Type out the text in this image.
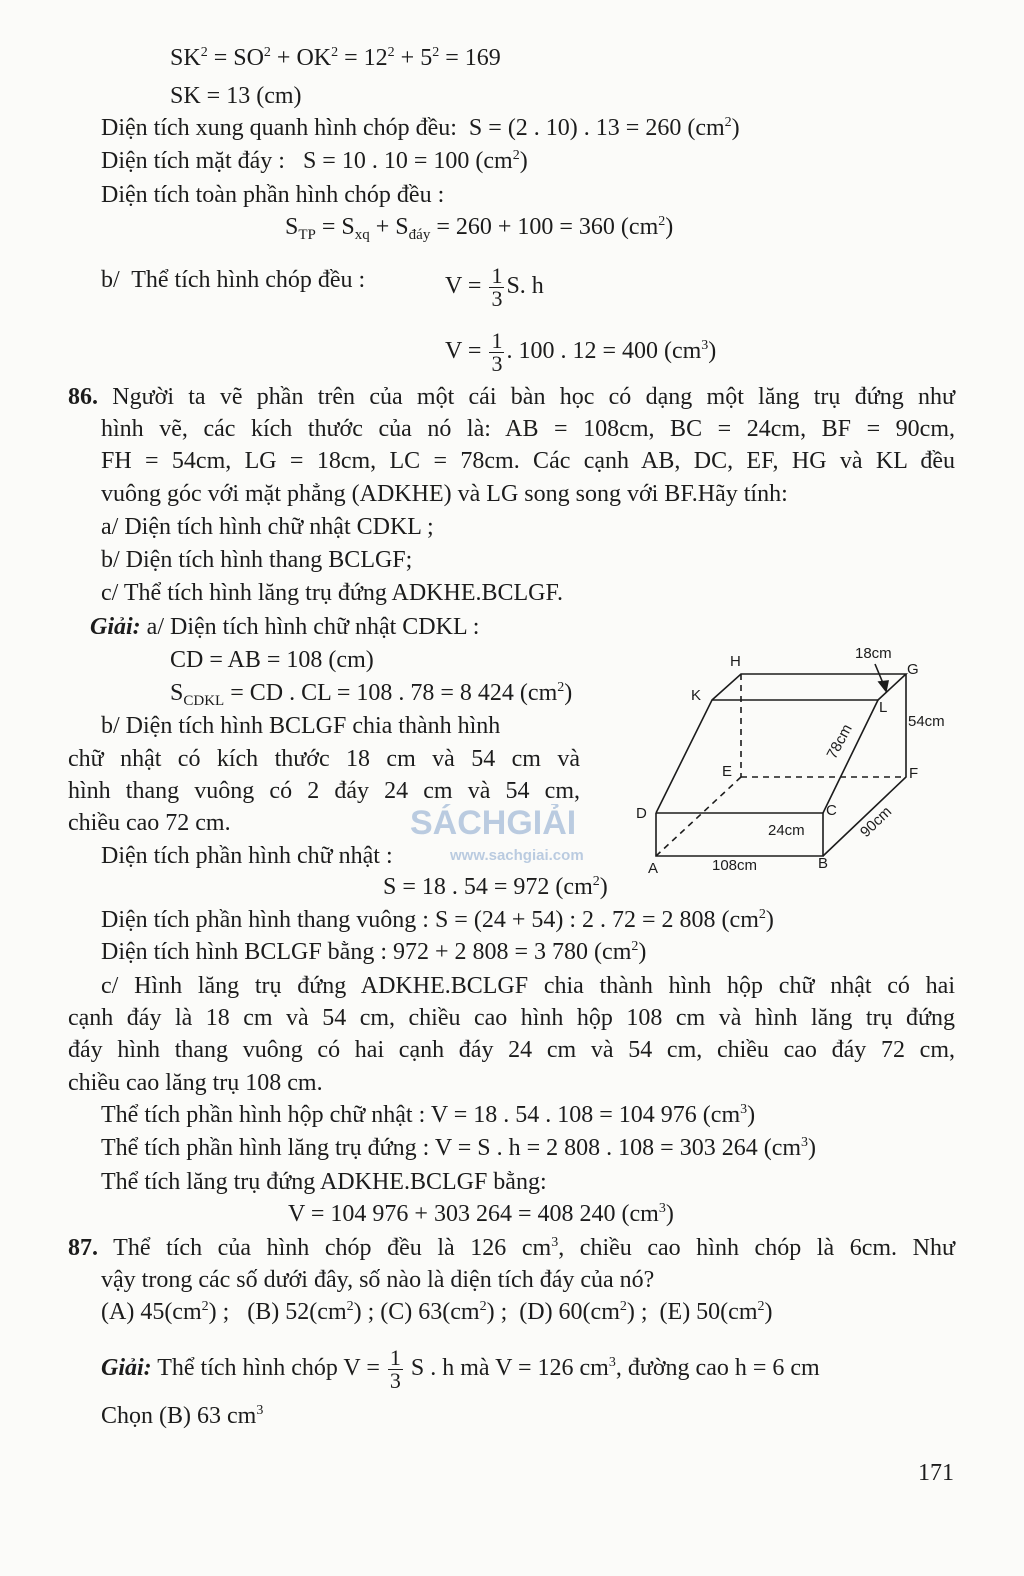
$SK^2 = SO^2 + OK^2 = 12^2 + 5^2 = 169$
SK = 13 (cm)
Diện tích xung quanh hình chóp đều:  S = (2 . 10) . 13 = 260 $(cm^2)$
Diện tích mặt đáy :   S = 10 . 10 = 100 $(cm^2)$
Diện tích toàn phần hình chóp đều :
$S_{TP} = S_{xq} + S_{đáy} = 260 + 100 = 360$ $(cm^2)$
b/  Thể tích hình chóp đều :	$V = \frac{1}{3} S$. h
$V = \frac{1}{3}$ . 100 . 12 = 400 $(cm^3)$
86. Người ta vẽ phần trên của một cái bàn học có dạng một lăng trụ đứng như
hình vẽ, các kích thước của nó là: AB = 108cm, BC = 24cm, BF = 90cm,
FH = 54cm, LG = 18cm, LC = 78cm. Các cạnh AB, DC, EF, HG và KL đều
vuông góc với mặt phẳng (ADKHE) và LG song song với BF.Hãy tính:
a/ Diện tích hình chữ nhật CDKL ;
b/ Diện tích hình thang BCLGF;
c/ Thể tích hình lăng trụ đứng ADKHE.BCLGF.
Giải: a/ Diện tích hình chữ nhật CDKL :
CD = AB = 108 (cm)
$S_{CDKL}$ = CD . CL = 108 . 78 = 8 424 $(cm^2)$
b/ Diện tích hình BCLGF chia thành hình
chữ nhật có kích thước 18 cm và 54 cm và
hình thang vuông có 2 đáy 24 cm và 54 cm,
chiều cao 72 cm.
Diện tích phần hình chữ nhật :
S = 18 . 54 = 972 $(cm^2)$
Diện tích phần hình thang vuông : S = (24 + 54) : 2 . 72 = 2 808 $(cm^2)$
Diện tích hình BCLGF bằng : 972 + 2 808 = 3 780 $(cm^2)$
c/ Hình lăng trụ đứng ADKHE.BCLGF chia thành hình hộp chữ nhật có hai
cạnh đáy là 18 cm và 54 cm, chiều cao hình hộp 108 cm và hình lăng trụ đứng
đáy hình thang vuông có hai cạnh đáy 24 cm và 54 cm, chiều cao đáy 72 cm,
chiều cao lăng trụ 108 cm.
Thể tích phần hình hộp chữ nhật : V = 18 . 54 . 108 = 104 976 $(cm^3)$
Thể tích phần hình lăng trụ đứng : V = S . h = 2 808 . 108 = 303 264 $(cm^3)$
Thể tích lăng trụ đứng ADKHE.BCLGF bằng:
V = 104 976 + 303 264 = 408 240 $(cm^3)$
87. Thể tích của hình chóp đều là 126 $cm^3$, chiều cao hình chóp là 6cm. Như
vậy trong các số dưới đây, số nào là diện tích đáy của nó?
(A) $45(cm^2)$ ;   (B) $52(cm^2)$ ; (C) $63(cm^2)$ ;  (D) $60(cm^2)$ ;  (E) $50(cm^2)$
Giải: Thể tích hình chóp $V = \frac{1}{3}$ S . h mà V = 126 $cm^3$, đường cao h = 6 cm
Chọn (B) 63 $cm^3$
H	G
K
L
E	F
D	C
A	B
18cm
54cm
78cm
24cm	90cm
108cm
SÁCHGIẢI
www.sachgiai.com
171
